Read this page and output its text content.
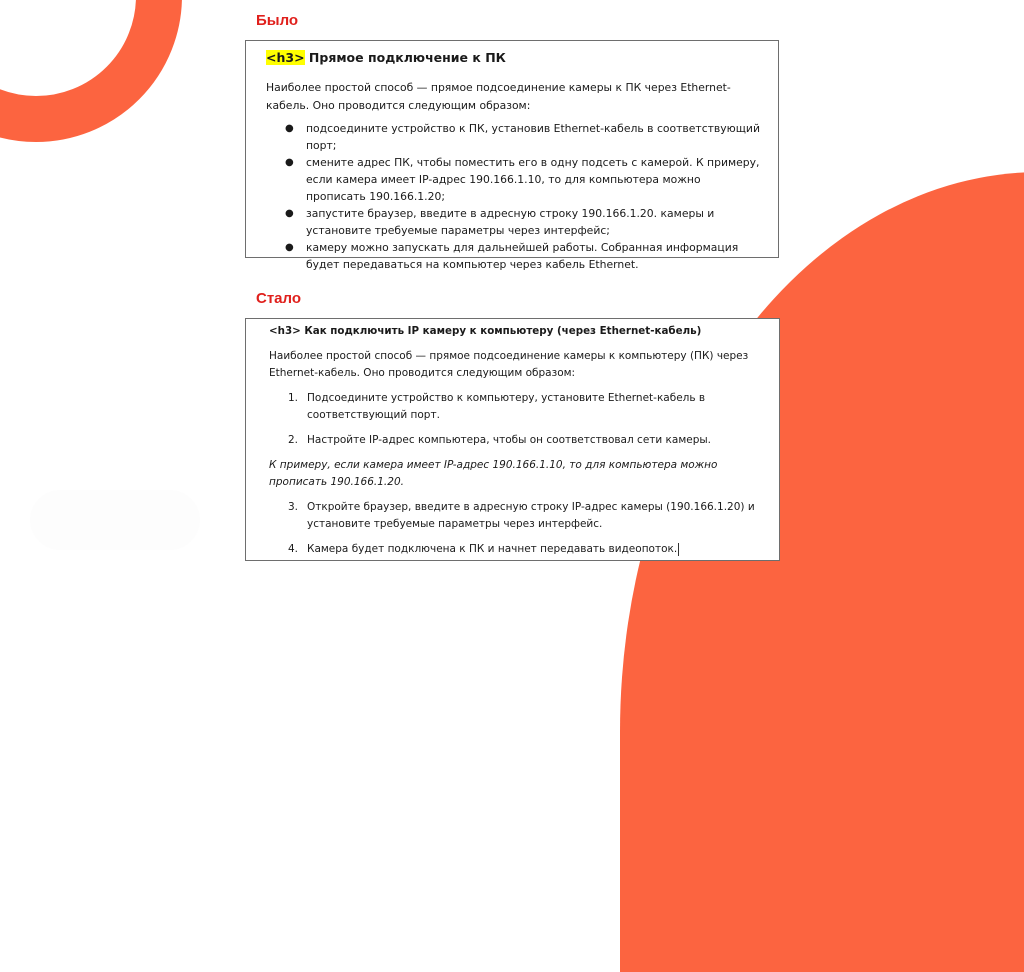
Было
<h3> Прямое подключение к ПК

Наиболее простой способ — прямое подсоединение камеры к ПК через Ethernet-кабель. Оно проводится следующим образом:

● подсоедините устройство к ПК, установив Ethernet-кабель в соответствующий порт;
● смените адрес ПК, чтобы поместить его в одну подсеть с камерой. К примеру, если камера имеет IP-адрес 190.166.1.10, то для компьютера можно прописать 190.166.1.20;
● запустите браузер, введите в адресную строку 190.166.1.20. камеры и установите требуемые параметры через интерфейс;
● камеру можно запускать для дальнейшей работы. Собранная информация будет передаваться на компьютер через кабель Ethernet.
Стало
<h3> Как подключить IP камеру к компьютеру (через Ethernet-кабель)

Наиболее простой способ — прямое подсоединение камеры к компьютеру (ПК) через Ethernet-кабель. Оно проводится следующим образом:

1. Подсоедините устройство к компьютеру, установите Ethernet-кабель в соответствующий порт.
2. Настройте IP-адрес компьютера, чтобы он соответствовал сети камеры.

К примеру, если камера имеет IP-адрес 190.166.1.10, то для компьютера можно прописать 190.166.1.20.

3. Откройте браузер, введите в адресную строку IP-адрес камеры (190.166.1.20) и установите требуемые параметры через интерфейс.
4. Камера будет подключена к ПК и начнет передавать видеопоток.
